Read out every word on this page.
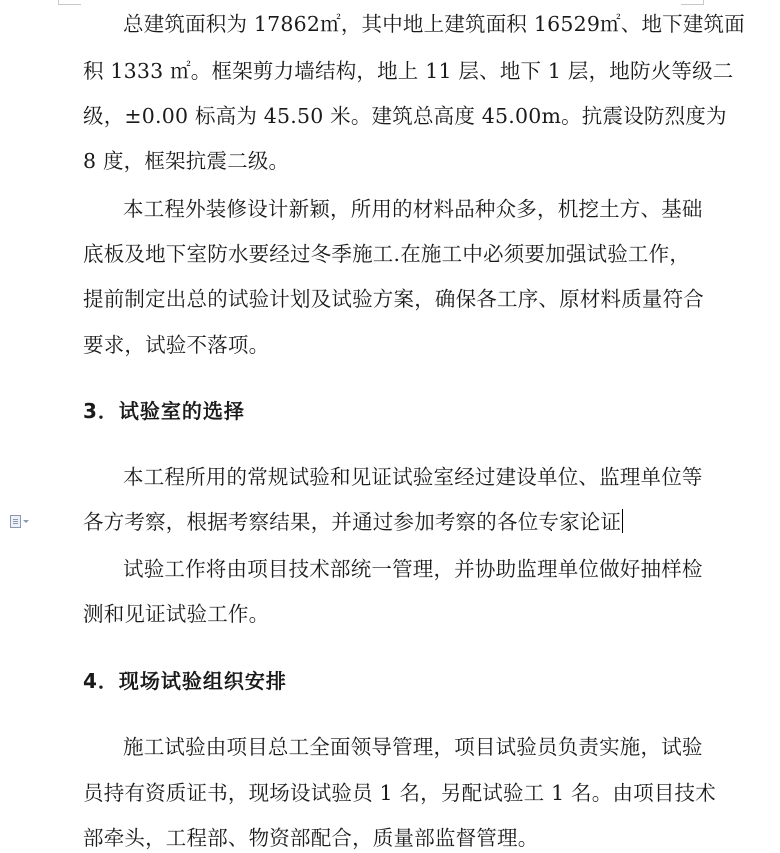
总建筑面积为 17862㎡，其中地上建筑面积 16529㎡、地下建筑面
积 1333 ㎡。框架剪力墙结构，地上 11 层、地下 1 层，地防火等级二
级，±0.00 标高为 45.50 米。建筑总高度 45.00m。抗震设防烈度为
8 度，框架抗震二级。
本工程外装修设计新颖，所用的材料品种众多，机挖土方、基础
底板及地下室防水要经过冬季施工.在施工中必须要加强试验工作，
提前制定出总的试验计划及试验方案，确保各工序、原材料质量符合
要求，试验不落项。
3．试验室的选择
本工程所用的常规试验和见证试验室经过建设单位、监理单位等
各方考察，根据考察结果，并通过参加考察的各位专家论证
试验工作将由项目技术部统一管理，并协助监理单位做好抽样检
测和见证试验工作。
4．现场试验组织安排
施工试验由项目总工全面领导管理，项目试验员负责实施，试验
员持有资质证书，现场设试验员 1 名，另配试验工 1 名。由项目技术
部牵头，工程部、物资部配合，质量部监督管理。
